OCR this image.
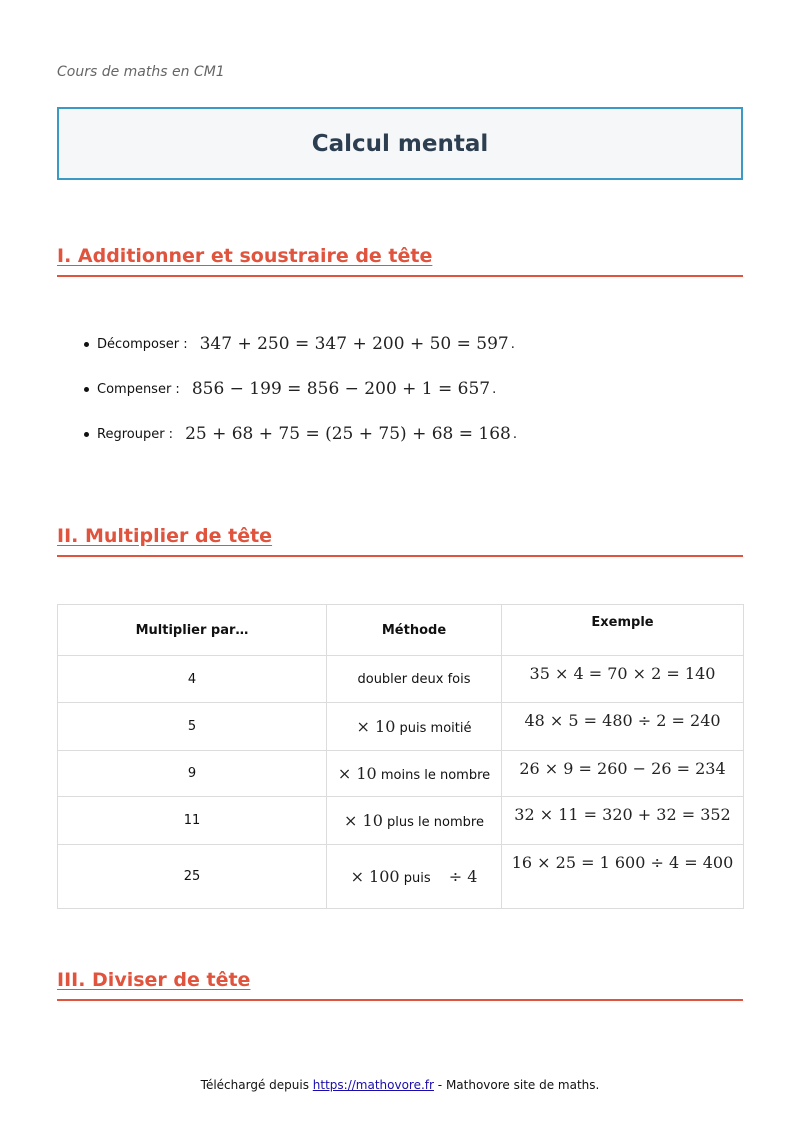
Cours de maths en CM1
Calcul mental
I. Additionner et soustraire de tête
Décomposer : 347 + 250 = 347 + 200 + 50 = 597 .
Compenser : 856 − 199 = 856 − 200 + 1 = 657 .
Regrouper : 25 + 68 + 75 = (25 + 75) + 68 = 168 .
II. Multiplier de tête
Multiplier par…	Méthode	Exemple
4	doubler deux fois	35 × 4 = 70 × 2 = 140
5	× 10 puis moitié	48 × 5 = 480 ÷ 2 = 240
9	× 10 moins le nombre	26 × 9 = 260 − 26 = 234
11	× 10 plus le nombre	32 × 11 = 320 + 32 = 352
25	× 100 puis ÷ 4	16 × 25 = 1 600 ÷ 4 = 400
III. Diviser de tête
Téléchargé depuis https://mathovore.fr - Mathovore site de maths.
